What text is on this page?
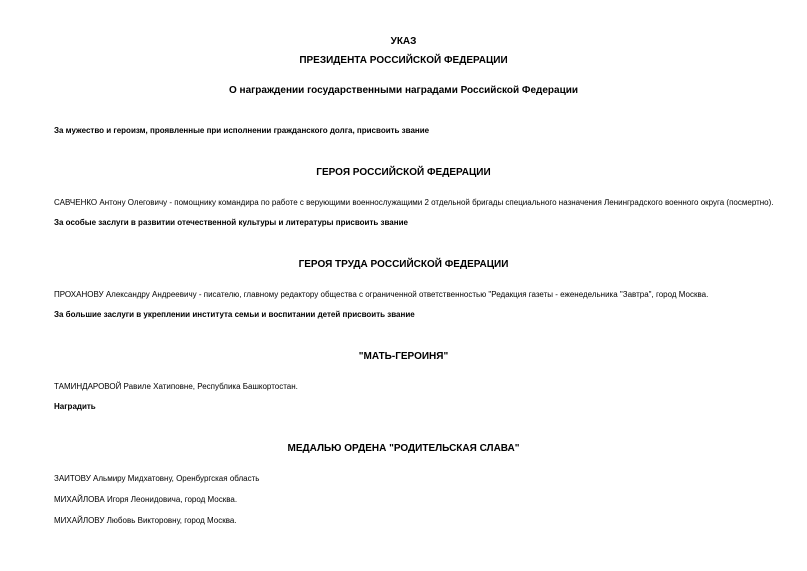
УКАЗ
ПРЕЗИДЕНТА РОССИЙСКОЙ ФЕДЕРАЦИИ
О награждении государственными наградами Российской Федерации
За мужество и героизм, проявленные при исполнении гражданского долга, присвоить звание
ГЕРОЯ РОССИЙСКОЙ ФЕДЕРАЦИИ
САВЧЕНКО Антону Олеговичу - помощнику командира по работе с верующими военнослужащими 2 отдельной бригады специального назначения Ленинградского военного округа (посмертно).
За особые заслуги в развитии отечественной культуры и литературы присвоить звание
ГЕРОЯ ТРУДА РОССИЙСКОЙ ФЕДЕРАЦИИ
ПРОХАНОВУ Александру Андреевичу - писателю, главному редактору общества с ограниченной ответственностью "Редакция газеты - еженедельника "Завтра", город Москва.
За большие заслуги в укреплении института семьи и воспитании детей присвоить звание
"МАТЬ-ГЕРОИНЯ"
ТАМИНДАРОВОЙ Равиле Хатиповне, Республика Башкортостан.
Наградить
МЕДАЛЬЮ ОРДЕНА "РОДИТЕЛЬСКАЯ СЛАВА"
ЗАИТОВУ Альмиру Мидхатовну, Оренбургская область
МИХАЙЛОВА Игоря Леонидовича, город Москва.
МИХАЙЛОВУ Любовь Викторовну, город Москва.
